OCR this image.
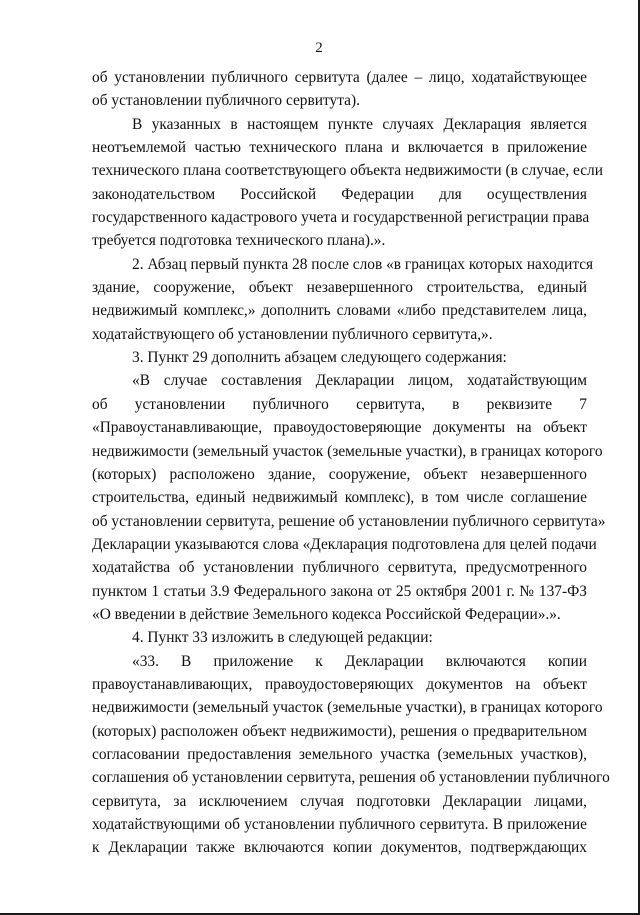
2
об установлении публичного сервитута (далее – лицо, ходатайствующее
об установлении публичного сервитута).
В указанных в настоящем пункте случаях Декларация является
неотъемлемой частью технического плана и включается в приложение
технического плана соответствующего объекта недвижимости (в случае, если
законодательством Российской Федерации для осуществления
государственного кадастрового учета и государственной регистрации права
требуется подготовка технического плана).».
2. Абзац первый пункта 28 после слов «в границах которых находится
здание, сооружение, объект незавершенного строительства, единый
недвижимый комплекс,» дополнить словами «либо представителем лица,
ходатайствующего об установлении публичного сервитута,».
3. Пункт 29 дополнить абзацем следующего содержания:
«В случае составления Декларации лицом, ходатайствующим
об установлении публичного сервитута, в реквизите 7
«Правоустанавливающие, правоудостоверяющие документы на объект
недвижимости (земельный участок (земельные участки), в границах которого
(которых) расположено здание, сооружение, объект незавершенного
строительства, единый недвижимый комплекс), в том числе соглашение
об установлении сервитута, решение об установлении публичного сервитута»
Декларации указываются слова «Декларация подготовлена для целей подачи
ходатайства об установлении публичного сервитута, предусмотренного
пунктом 1 статьи 3.9 Федерального закона от 25 октября 2001 г. № 137-ФЗ
«О введении в действие Земельного кодекса Российской Федерации».».
4. Пункт 33 изложить в следующей редакции:
«33. В приложение к Декларации включаются копии
правоустанавливающих, правоудостоверяющих документов на объект
недвижимости (земельный участок (земельные участки), в границах которого
(которых) расположен объект недвижимости), решения о предварительном
согласовании предоставления земельного участка (земельных участков),
соглашения об установлении сервитута, решения об установлении публичного
сервитута, за исключением случая подготовки Декларации лицами,
ходатайствующими об установлении публичного сервитута. В приложение
к Декларации также включаются копии документов, подтверждающих
